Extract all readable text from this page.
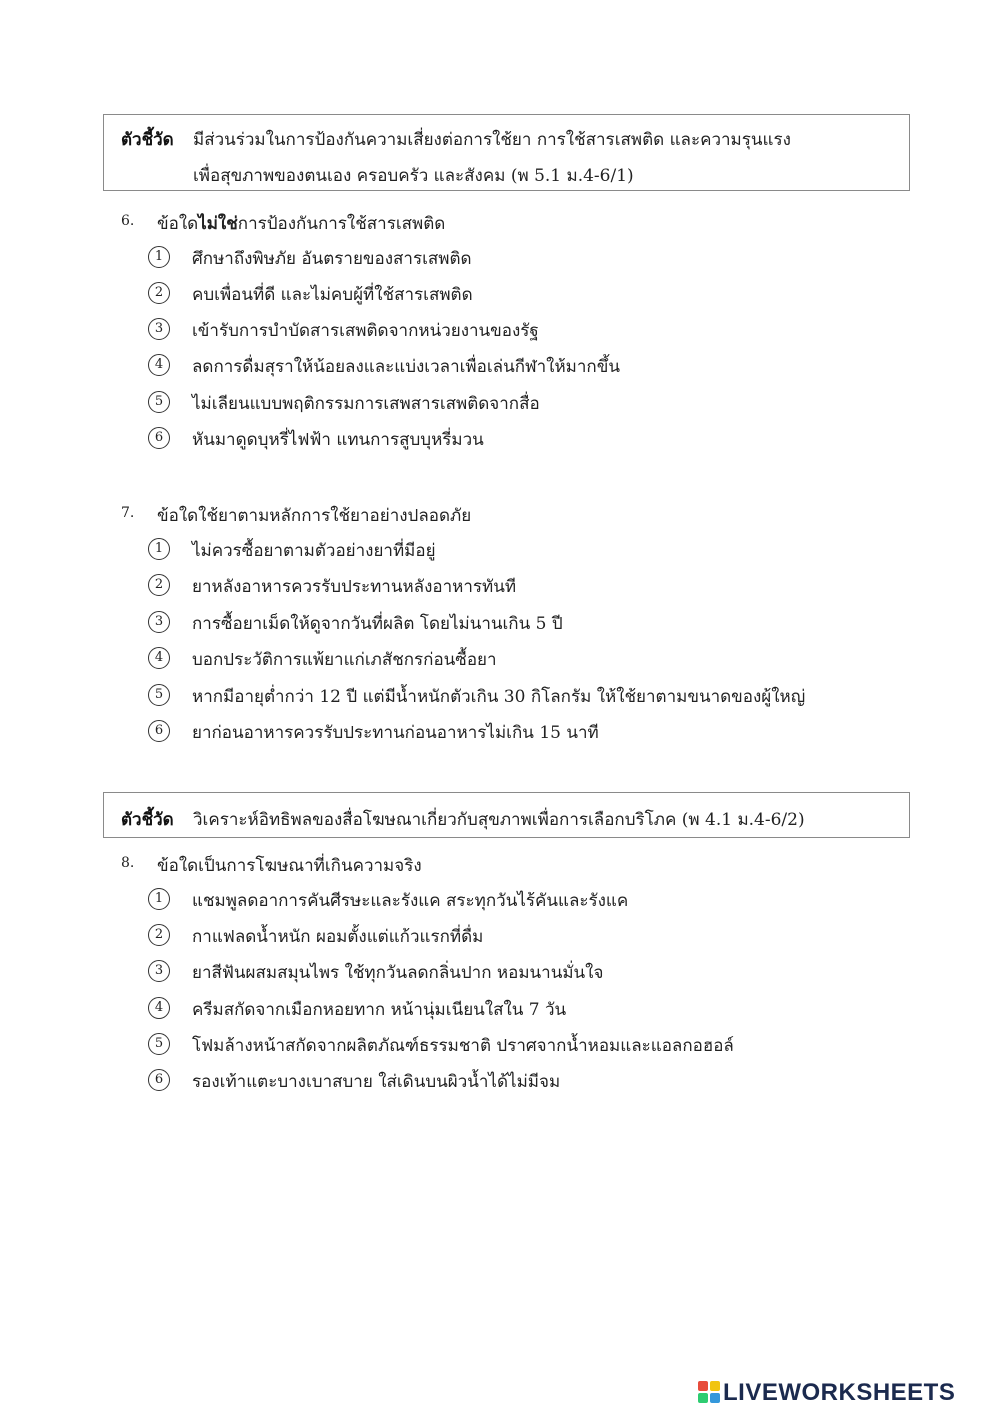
ตัวชี้วัด มีส่วนร่วมในการป้องกันความเสี่ยงต่อการใช้ยา การใช้สารเสพติด และความรุนแรง
เพื่อสุขภาพของตนเอง ครอบครัว และสังคม (พ 5.1 ม.4-6/1)
6. ข้อใดไม่ใช่การป้องกันการใช้สารเสพติด
1	ศึกษาถึงพิษภัย อันตรายของสารเสพติด
2	คบเพื่อนที่ดี และไม่คบผู้ที่ใช้สารเสพติด
3	เข้ารับการบำบัดสารเสพติดจากหน่วยงานของรัฐ
4	ลดการดื่มสุราให้น้อยลงและแบ่งเวลาเพื่อเล่นกีฬาให้มากขึ้น
5	ไม่เลียนแบบพฤติกรรมการเสพสารเสพติดจากสื่อ
6	หันมาดูดบุหรี่ไฟฟ้า แทนการสูบบุหรี่มวน
7. ข้อใดใช้ยาตามหลักการใช้ยาอย่างปลอดภัย
1	ไม่ควรซื้อยาตามตัวอย่างยาที่มีอยู่
2	ยาหลังอาหารควรรับประทานหลังอาหารทันที
3	การซื้อยาเม็ดให้ดูจากวันที่ผลิต โดยไม่นานเกิน 5 ปี
4	บอกประวัติการแพ้ยาแก่เภสัชกรก่อนซื้อยา
5	หากมีอายุต่ำกว่า 12 ปี แต่มีน้ำหนักตัวเกิน 30 กิโลกรัม ให้ใช้ยาตามขนาดของผู้ใหญ่
6	ยาก่อนอาหารควรรับประทานก่อนอาหารไม่เกิน 15 นาที
ตัวชี้วัด วิเคราะห์อิทธิพลของสื่อโฆษณาเกี่ยวกับสุขภาพเพื่อการเลือกบริโภค (พ 4.1 ม.4-6/2)
8. ข้อใดเป็นการโฆษณาที่เกินความจริง
1	แชมพูลดอาการคันศีรษะและรังแค สระทุกวันไร้คันและรังแค
2	กาแฟลดน้ำหนัก ผอมตั้งแต่แก้วแรกที่ดื่ม
3	ยาสีฟันผสมสมุนไพร ใช้ทุกวันลดกลิ่นปาก หอมนานมั่นใจ
4	ครีมสกัดจากเมือกหอยทาก หน้านุ่มเนียนใสใน 7 วัน
5	โฟมล้างหน้าสกัดจากผลิตภัณฑ์ธรรมชาติ ปราศจากน้ำหอมและแอลกอฮอล์
6	รองเท้าแตะบางเบาสบาย ใส่เดินบนผิวน้ำได้ไม่มีจม
LIVEWORKSHEETS
